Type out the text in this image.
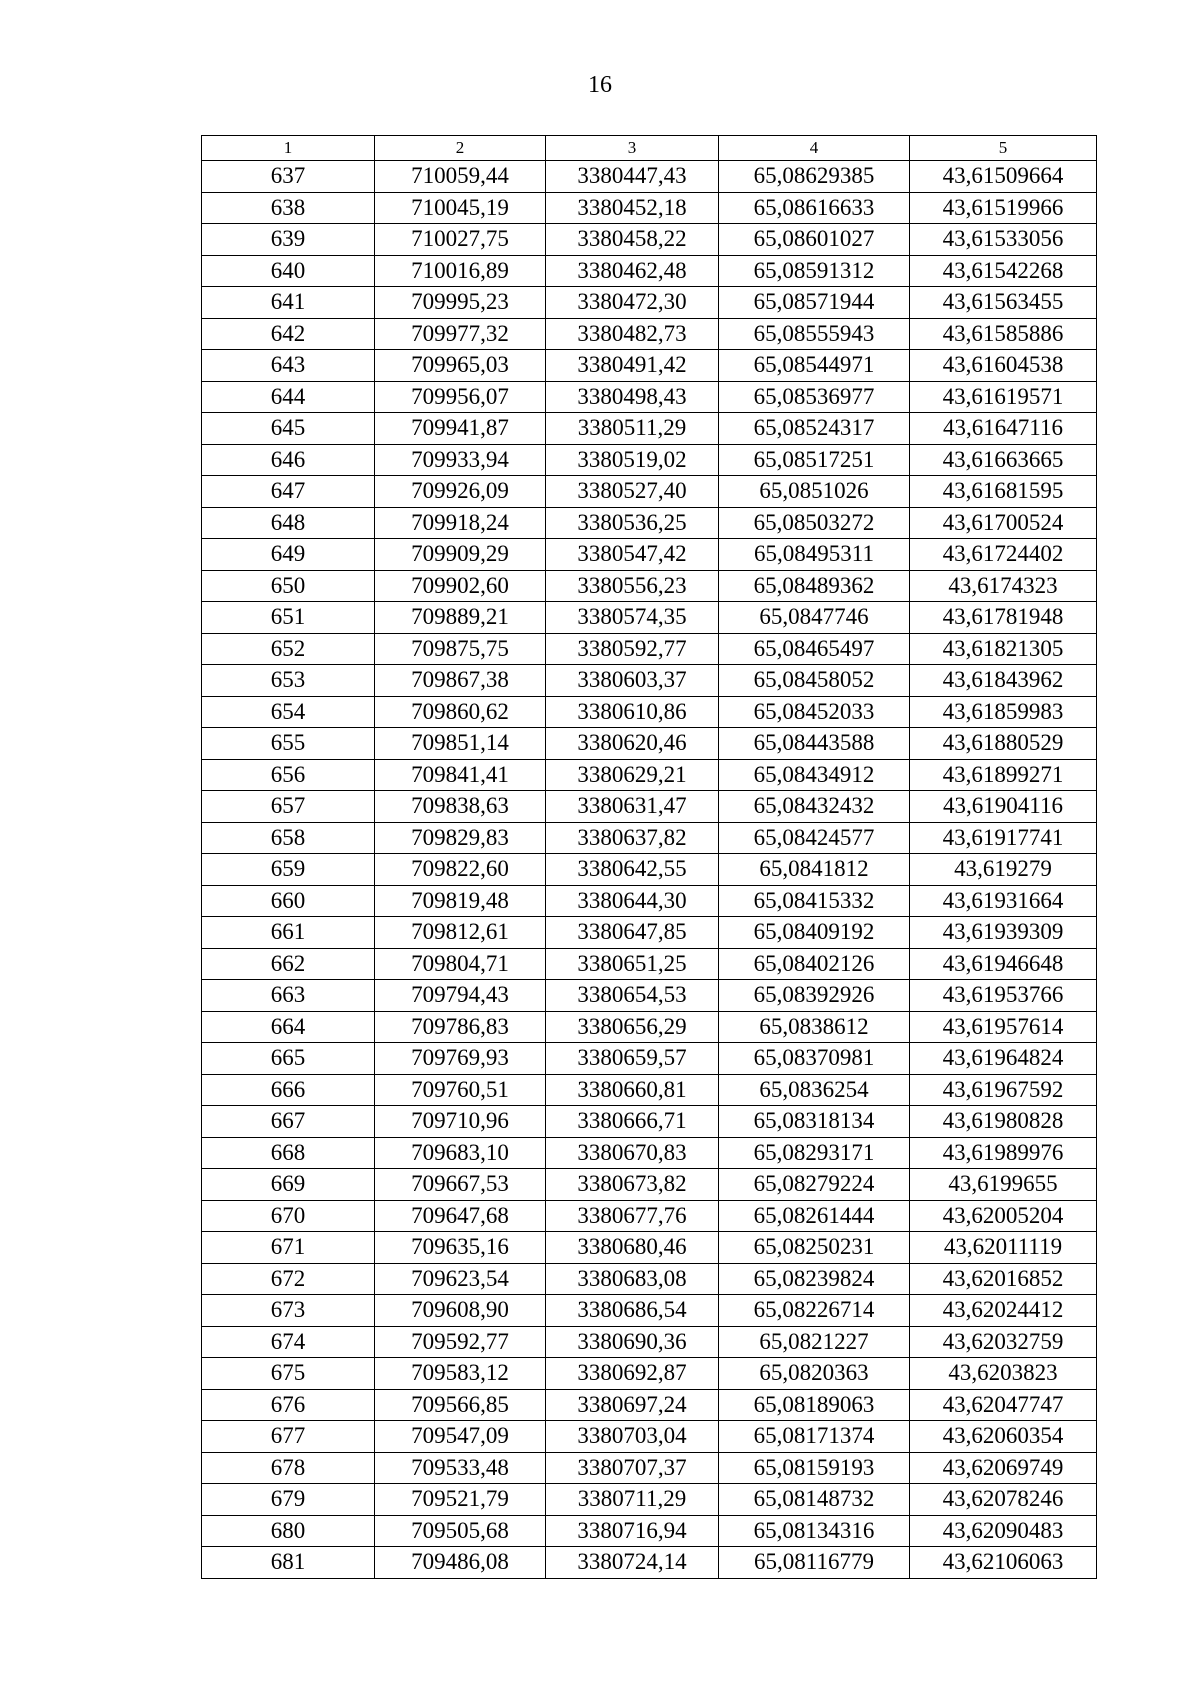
16
1	2	3	4	5
637	710059,44	3380447,43	65,08629385	43,61509664
638	710045,19	3380452,18	65,08616633	43,61519966
639	710027,75	3380458,22	65,08601027	43,61533056
640	710016,89	3380462,48	65,08591312	43,61542268
641	709995,23	3380472,30	65,08571944	43,61563455
642	709977,32	3380482,73	65,08555943	43,61585886
643	709965,03	3380491,42	65,08544971	43,61604538
644	709956,07	3380498,43	65,08536977	43,61619571
645	709941,87	3380511,29	65,08524317	43,61647116
646	709933,94	3380519,02	65,08517251	43,61663665
647	709926,09	3380527,40	65,0851026	43,61681595
648	709918,24	3380536,25	65,08503272	43,61700524
649	709909,29	3380547,42	65,08495311	43,61724402
650	709902,60	3380556,23	65,08489362	43,6174323
651	709889,21	3380574,35	65,0847746	43,61781948
652	709875,75	3380592,77	65,08465497	43,61821305
653	709867,38	3380603,37	65,08458052	43,61843962
654	709860,62	3380610,86	65,08452033	43,61859983
655	709851,14	3380620,46	65,08443588	43,61880529
656	709841,41	3380629,21	65,08434912	43,61899271
657	709838,63	3380631,47	65,08432432	43,61904116
658	709829,83	3380637,82	65,08424577	43,61917741
659	709822,60	3380642,55	65,0841812	43,619279
660	709819,48	3380644,30	65,08415332	43,61931664
661	709812,61	3380647,85	65,08409192	43,61939309
662	709804,71	3380651,25	65,08402126	43,61946648
663	709794,43	3380654,53	65,08392926	43,61953766
664	709786,83	3380656,29	65,0838612	43,61957614
665	709769,93	3380659,57	65,08370981	43,61964824
666	709760,51	3380660,81	65,0836254	43,61967592
667	709710,96	3380666,71	65,08318134	43,61980828
668	709683,10	3380670,83	65,08293171	43,61989976
669	709667,53	3380673,82	65,08279224	43,6199655
670	709647,68	3380677,76	65,08261444	43,62005204
671	709635,16	3380680,46	65,08250231	43,62011119
672	709623,54	3380683,08	65,08239824	43,62016852
673	709608,90	3380686,54	65,08226714	43,62024412
674	709592,77	3380690,36	65,0821227	43,62032759
675	709583,12	3380692,87	65,0820363	43,6203823
676	709566,85	3380697,24	65,08189063	43,62047747
677	709547,09	3380703,04	65,08171374	43,62060354
678	709533,48	3380707,37	65,08159193	43,62069749
679	709521,79	3380711,29	65,08148732	43,62078246
680	709505,68	3380716,94	65,08134316	43,62090483
681	709486,08	3380724,14	65,08116779	43,62106063
